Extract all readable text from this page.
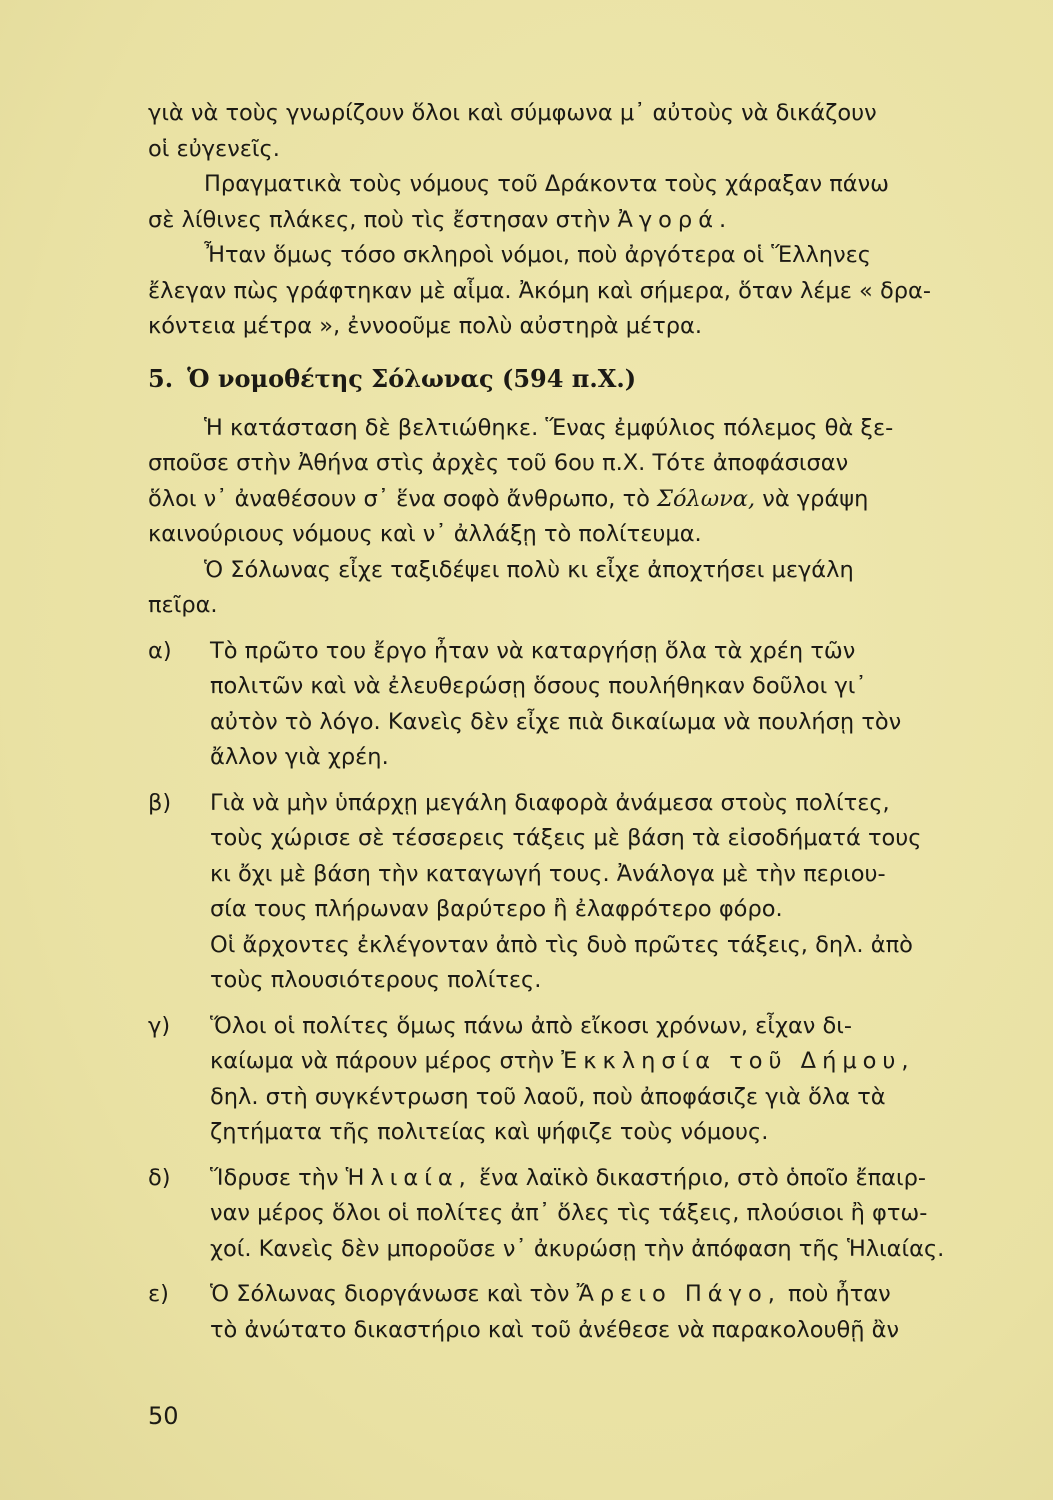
γιὰ νὰ τοὺς γνωρίζουν ὅλοι καὶ σύμφωνα μ᾽ αὐτοὺς νὰ δικάζουν
οἱ εὐγενεῖς.
Πραγματικὰ τοὺς νόμους τοῦ Δράκοντα τοὺς χάραξαν πάνω
σὲ λίθινες πλάκες, ποὺ τὶς ἔστησαν στὴν Ἀγορά.
Ἦταν ὅμως τόσο σκληροὶ νόμοι, ποὺ ἀργότερα οἱ Ἕλληνες
ἔλεγαν πὼς γράφτηκαν μὲ αἷμα. Ἀκόμη καὶ σήμερα, ὅταν λέμε « δρα-
κόντεια μέτρα », ἐννοοῦμε πολὺ αὐστηρὰ μέτρα.
5. Ὁ νομοθέτης Σόλωνας (594 π.Χ.)
Ἡ κατάσταση δὲ βελτιώθηκε. Ἕνας ἐμφύλιος πόλεμος θὰ ξε-
σποῦσε στὴν Ἀθήνα στὶς ἀρχὲς τοῦ 6ου π.Χ. Τότε ἀποφάσισαν
ὅλοι ν᾽ ἀναθέσουν σ᾽ ἕνα σοφὸ ἄνθρωπο, τὸ Σόλωνα, νὰ γράψη
καινούριους νόμους καὶ ν᾽ ἀλλάξῃ τὸ πολίτευμα.
Ὁ Σόλωνας εἶχε ταξιδέψει πολὺ κι εἶχε ἀποχτήσει μεγάλη
πεῖρα.
α)	Τὸ πρῶτο του ἔργο ἦταν νὰ καταργήσῃ ὅλα τὰ χρέη τῶν
πολιτῶν καὶ νὰ ἐλευθερώσῃ ὅσους πουλήθηκαν δοῦλοι γι᾽
αὐτὸν τὸ λόγο. Κανεὶς δὲν εἶχε πιὰ δικαίωμα νὰ πουλήσῃ τὸν
ἄλλον γιὰ χρέη.
β)	Γιὰ νὰ μὴν ὑπάρχῃ μεγάλη διαφορὰ ἀνάμεσα στοὺς πολίτες,
τοὺς χώρισε σὲ τέσσερεις τάξεις μὲ βάση τὰ εἰσοδήματά τους
κι ὄχι μὲ βάση τὴν καταγωγή τους. Ἀνάλογα μὲ τὴν περιου-
σία τους πλήρωναν βαρύτερο ἢ ἐλαφρότερο φόρο.
Οἱ ἄρχοντες ἐκλέγονταν ἀπὸ τὶς δυὸ πρῶτες τάξεις, δηλ. ἀπὸ
τοὺς πλουσιότερους πολίτες.
γ)	Ὅλοι οἱ πολίτες ὅμως πάνω ἀπὸ εἴκοσι χρόνων, εἶχαν δι-
καίωμα νὰ πάρουν μέρος στὴν Ἐκκλησία τοῦ Δήμου,
δηλ. στὴ συγκέντρωση τοῦ λαοῦ, ποὺ ἀποφάσιζε γιὰ ὅλα τὰ
ζητήματα τῆς πολιτείας καὶ ψήφιζε τοὺς νόμους.
δ)	Ἵδρυσε τὴν Ἡλιαία, ἕνα λαϊκὸ δικαστήριο, στὸ ὁποῖο ἔπαιρ-
ναν μέρος ὅλοι οἱ πολίτες ἀπ᾽ ὅλες τὶς τάξεις, πλούσιοι ἢ φτω-
χοί. Κανεὶς δὲν μποροῦσε ν᾽ ἀκυρώσῃ τὴν ἀπόφαση τῆς Ἡλιαίας.
ε)	Ὁ Σόλωνας διοργάνωσε καὶ τὸν Ἄρειο Πάγο, ποὺ ἦταν
τὸ ἀνώτατο δικαστήριο καὶ τοῦ ἀνέθεσε νὰ παρακολουθῇ ἂν
50
